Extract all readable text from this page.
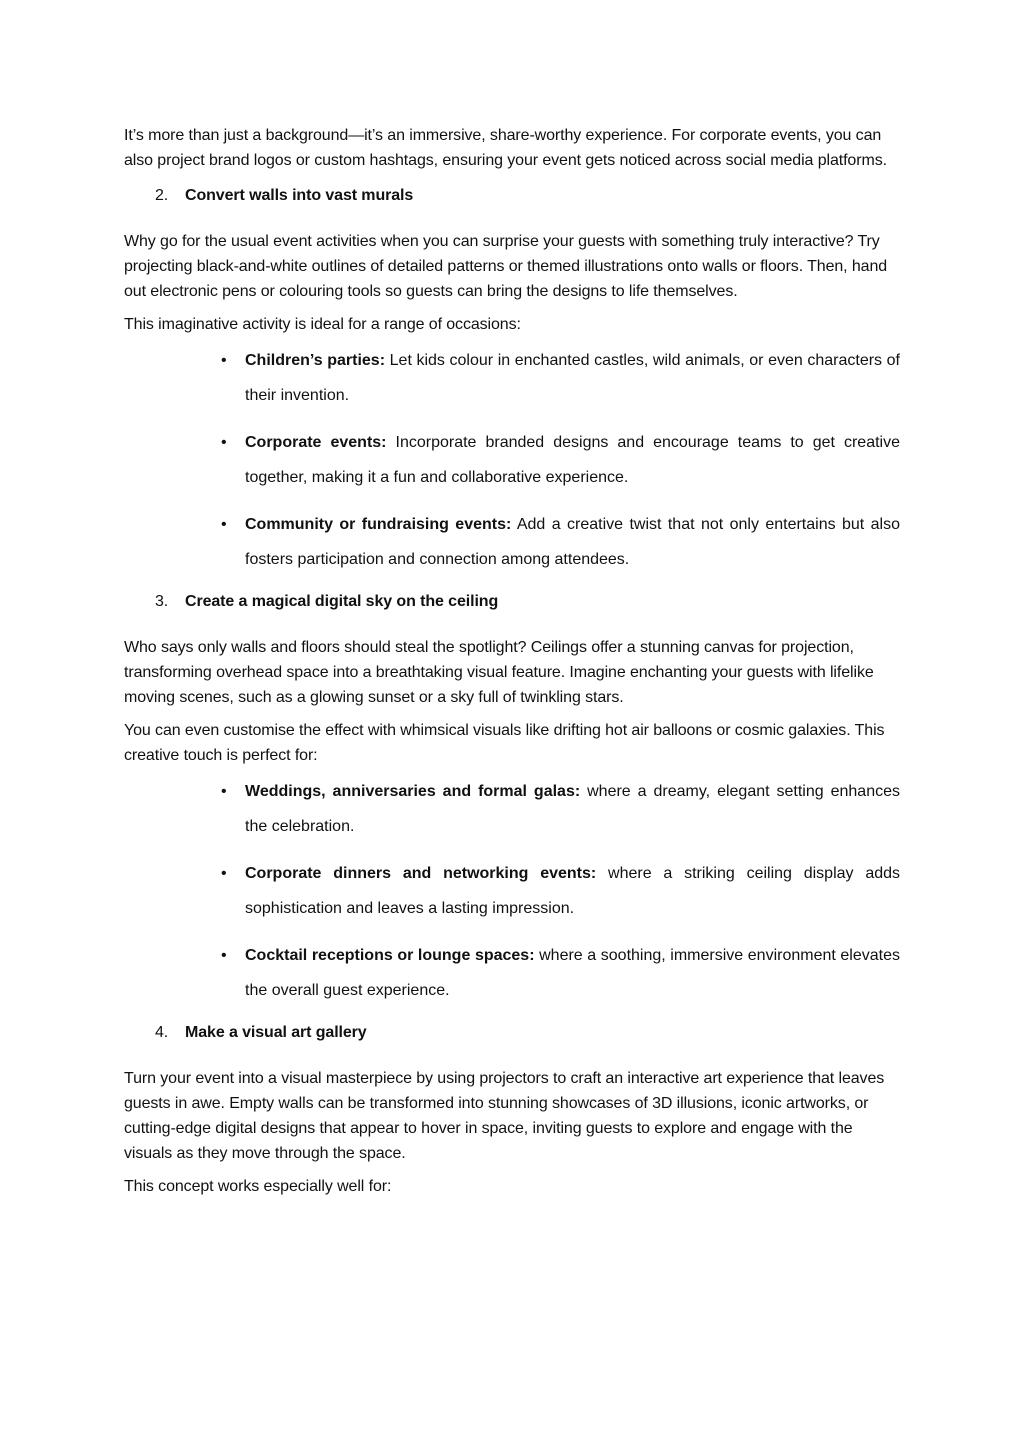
It’s more than just a background—it’s an immersive, share-worthy experience. For corporate events, you can also project brand logos or custom hashtags, ensuring your event gets noticed across social media platforms.

2.	Convert walls into vast murals

Why go for the usual event activities when you can surprise your guests with something truly interactive? Try projecting black-and-white outlines of detailed patterns or themed illustrations onto walls or floors. Then, hand out electronic pens or colouring tools so guests can bring the designs to life themselves.

This imaginative activity is ideal for a range of occasions:

•	Children’s parties: Let kids colour in enchanted castles, wild animals, or even characters of their invention.
•	Corporate events: Incorporate branded designs and encourage teams to get creative together, making it a fun and collaborative experience.
•	Community or fundraising events: Add a creative twist that not only entertains but also fosters participation and connection among attendees.
3.	Create a magical digital sky on the ceiling

Who says only walls and floors should steal the spotlight? Ceilings offer a stunning canvas for projection, transforming overhead space into a breathtaking visual feature. Imagine enchanting your guests with lifelike moving scenes, such as a glowing sunset or a sky full of twinkling stars.

You can even customise the effect with whimsical visuals like drifting hot air balloons or cosmic galaxies. This creative touch is perfect for:

•	Weddings, anniversaries and formal galas: where a dreamy, elegant setting enhances the celebration.
•	Corporate dinners and networking events: where a striking ceiling display adds sophistication and leaves a lasting impression.
•	Cocktail receptions or lounge spaces: where a soothing, immersive environment elevates the overall guest experience.
4.	Make a visual art gallery

Turn your event into a visual masterpiece by using projectors to craft an interactive art experience that leaves guests in awe. Empty walls can be transformed into stunning showcases of 3D illusions, iconic artworks, or cutting-edge digital designs that appear to hover in space, inviting guests to explore and engage with the visuals as they move through the space.

This concept works especially well for:
